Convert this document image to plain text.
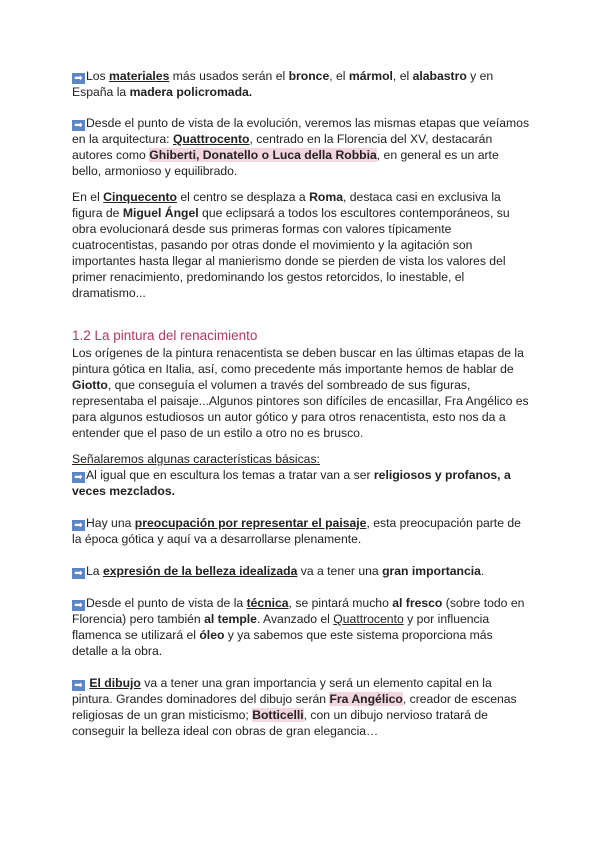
➡ Los materiales más usados serán el bronce, el mármol, el alabastro y en España la madera policromada.

➡ Desde el punto de vista de la evolución, veremos las mismas etapas que veíamos en la arquitectura: Quattrocento, centrado en la Florencia del XV, destacarán autores como Ghiberti, Donatello o Luca della Robbia, en general es un arte bello, armonioso y equilibrado.

En el Cinquecento el centro se desplaza a Roma, destaca casi en exclusiva la figura de Miguel Ángel que eclipsará a todos los escultores contemporáneos, su obra evolucionará desde sus primeras formas con valores típicamente cuatrocentistas, pasando por otras donde el movimiento y la agitación son importantes hasta llegar al manierismo donde se pierden de vista los valores del primer renacimiento, predominando los gestos retorcidos, lo inestable, el dramatismo...

1.2 La pintura del renacimiento

Los orígenes de la pintura renacentista se deben buscar en las últimas etapas de la pintura gótica en Italia, así, como precedente más importante hemos de hablar de Giotto, que conseguía el volumen a través del sombreado de sus figuras, representaba el paisaje...Algunos pintores son difíciles de encasillar, Fra Angélico es para algunos estudiosos un autor gótico y para otros renacentista, esto nos da a entender que el paso de un estilo a otro no es brusco.

Señalaremos algunas características básicas:

➡ Al igual que en escultura los temas a tratar van a ser religiosos y profanos, a veces mezclados.

➡ Hay una preocupación por representar el paisaje, esta preocupación parte de la época gótica y aquí va a desarrollarse plenamente.

➡ La expresión de la belleza idealizada va a tener una gran importancia.

➡ Desde el punto de vista de la técnica, se pintará mucho al fresco (sobre todo en Florencia) pero también al temple. Avanzado el Quattrocento y por influencia flamenca se utilizará el óleo y ya sabemos que este sistema proporciona más detalle a la obra.

➡ El dibujo va a tener una gran importancia y será un elemento capital en la pintura. Grandes dominadores del dibujo serán Fra Angélico, creador de escenas religiosas de un gran misticismo; Botticelli, con un dibujo nervioso tratará de conseguir la belleza ideal con obras de gran elegancia…
